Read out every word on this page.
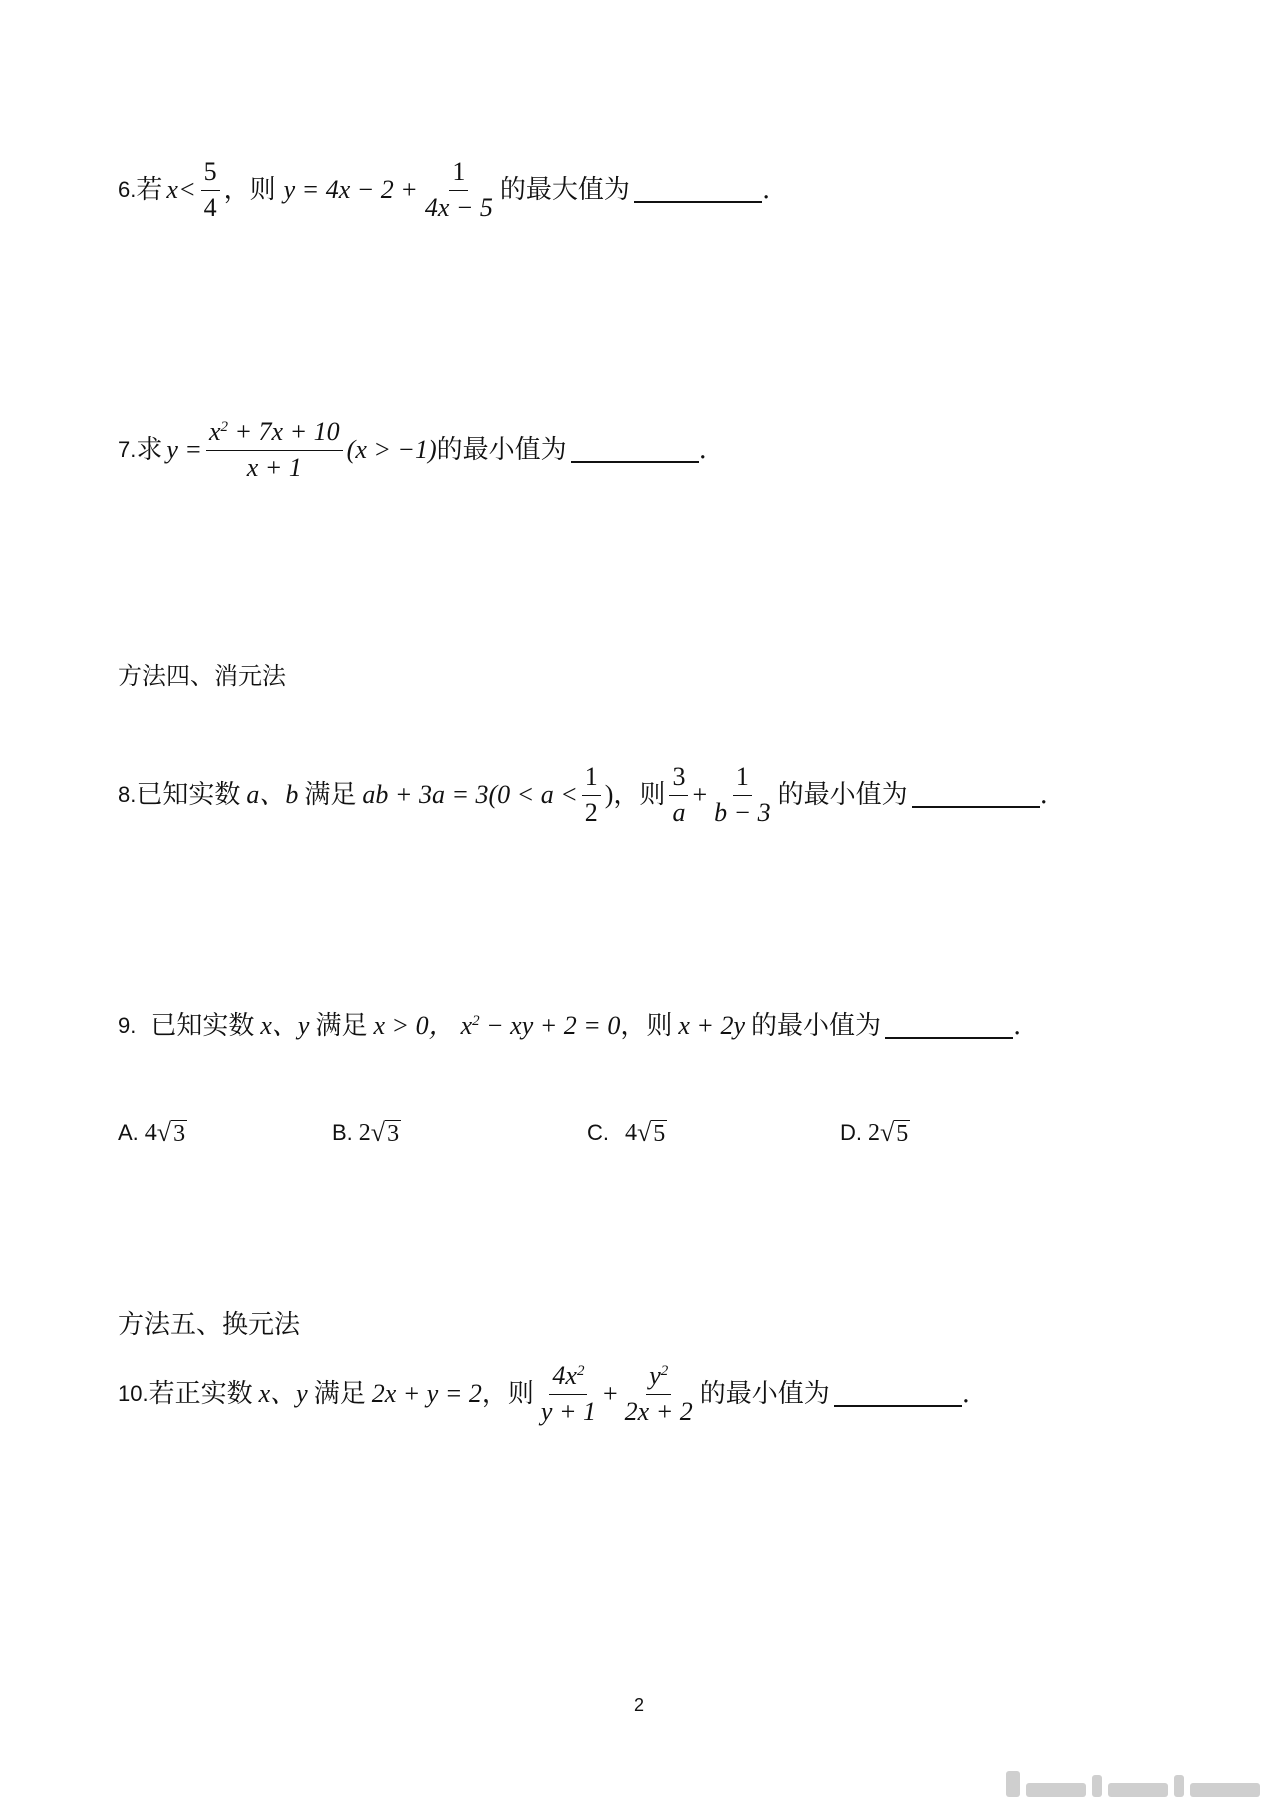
6. 若 $x < \frac{5}{4}$ ，则 $y = 4x - 2 + \frac{1}{4x - 5}$ 的最大值为	.
7. 求 $y = \frac{x^2 + 7x + 10}{x + 1} (x > -1)$ 的最小值为	.
方法四、消元法
8. 已知实数 a、b 满足 ab + $3a = 3(0 < a < \frac{1}{2}$ ) ，则 $\frac{3}{a} + \frac{1}{b - 3}$ 的最小值为	.
9. 已知实数 x、y 满足 x > 0， $x^2$ − xy + 2 = 0 ，则 x + 2y 的最小值为	.
A. 4 √ 3	B. 2 √ 3	C. 4 √ 5	D. 2 √ 5
方法五、换元法
10. 若正实数 x、y 满足 2x + y = 2 ，则 $\frac{4x^2}{y + 1} + \frac{y^2}{2x + 2}$ 的最小值为	.
2
